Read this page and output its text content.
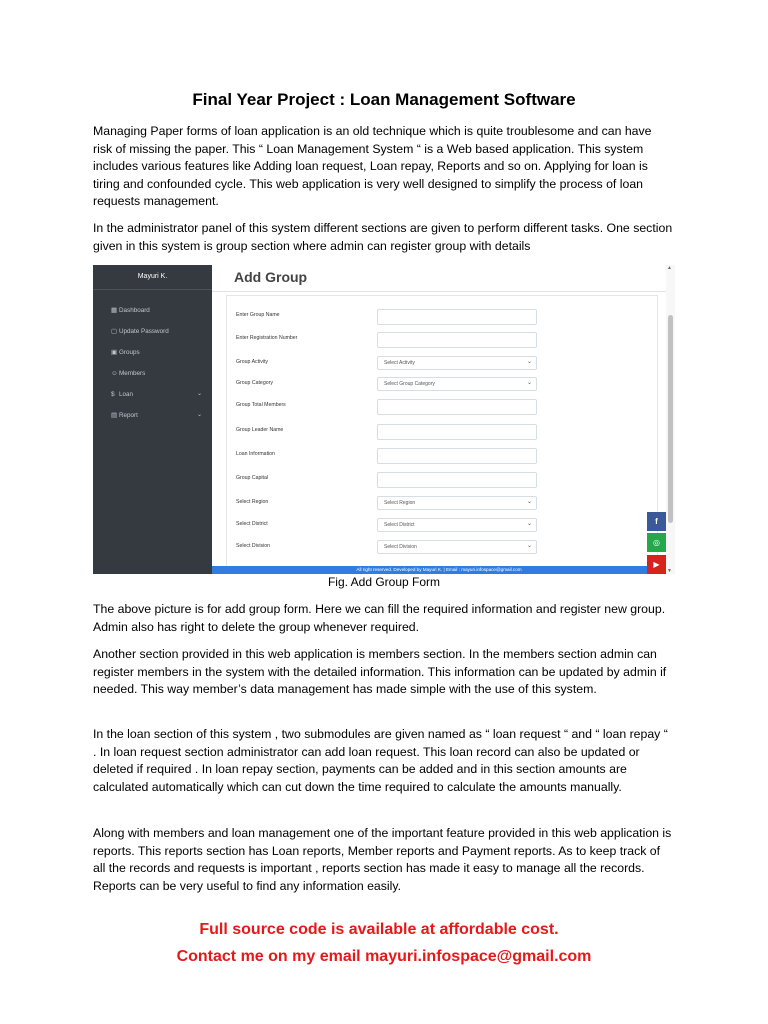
Final Year Project : Loan Management Software

Managing Paper forms of loan application is an old technique which is quite troublesome and can have risk of missing the paper. This “ Loan Management System “ is a Web based application. This system includes various features like Adding loan request, Loan repay, Reports and so on. Applying for loan is tiring and confounded cycle. This web application is very well designed to simplify the process of loan requests management.

In the administrator panel of this system different sections are given to perform different tasks. One section given in this system is group section where admin can register group with details

Mayuri K.
▦ Dashboard
▢ Update Password
▣ Groups
☺Members
$ Loan	⌄
▤ Report	⌄
Add Group
Enter Group Name
Enter Registration Number
Group Activity	Select Activity	⌄
Group Category	Select Group Category	⌄
Group Total Members
Group Leader Name
Loan Information
Group Capital
Select Region	Select Region	⌄
Select District	Select District	⌄
Select Division	Select Division	⌄
All right reserved. Developed by Mayuri K. | Email : mayuri.infospace@gmail.com
▲
▼
f
◎
▶

Fig. Add Group Form

The above picture is for add group form. Here we can fill the required information and register new group. Admin also has right to delete the group whenever required.

Another section provided in this web application is members section. In the members section admin can register members in the system with the detailed information. This information can be updated by admin if needed. This way member’s data management has made simple with the use of this system.

In the loan section of this system , two submodules are given named as “ loan request “ and “ loan repay “ . In loan request section administrator can add loan request. This loan record can also be updated or deleted if required . In loan repay section, payments can be added and in this section amounts are calculated automatically which can cut down the time required to calculate the amounts manually.

Along with members and loan management one of the important feature provided in this web application is reports. This reports section has Loan reports, Member reports and Payment reports. As to keep track of all the records and requests is important , reports section has made it easy to manage all the records. Reports can be very useful to find any information easily.

Full source code is available at affordable cost.

Contact me on my email mayuri.infospace@gmail.com
